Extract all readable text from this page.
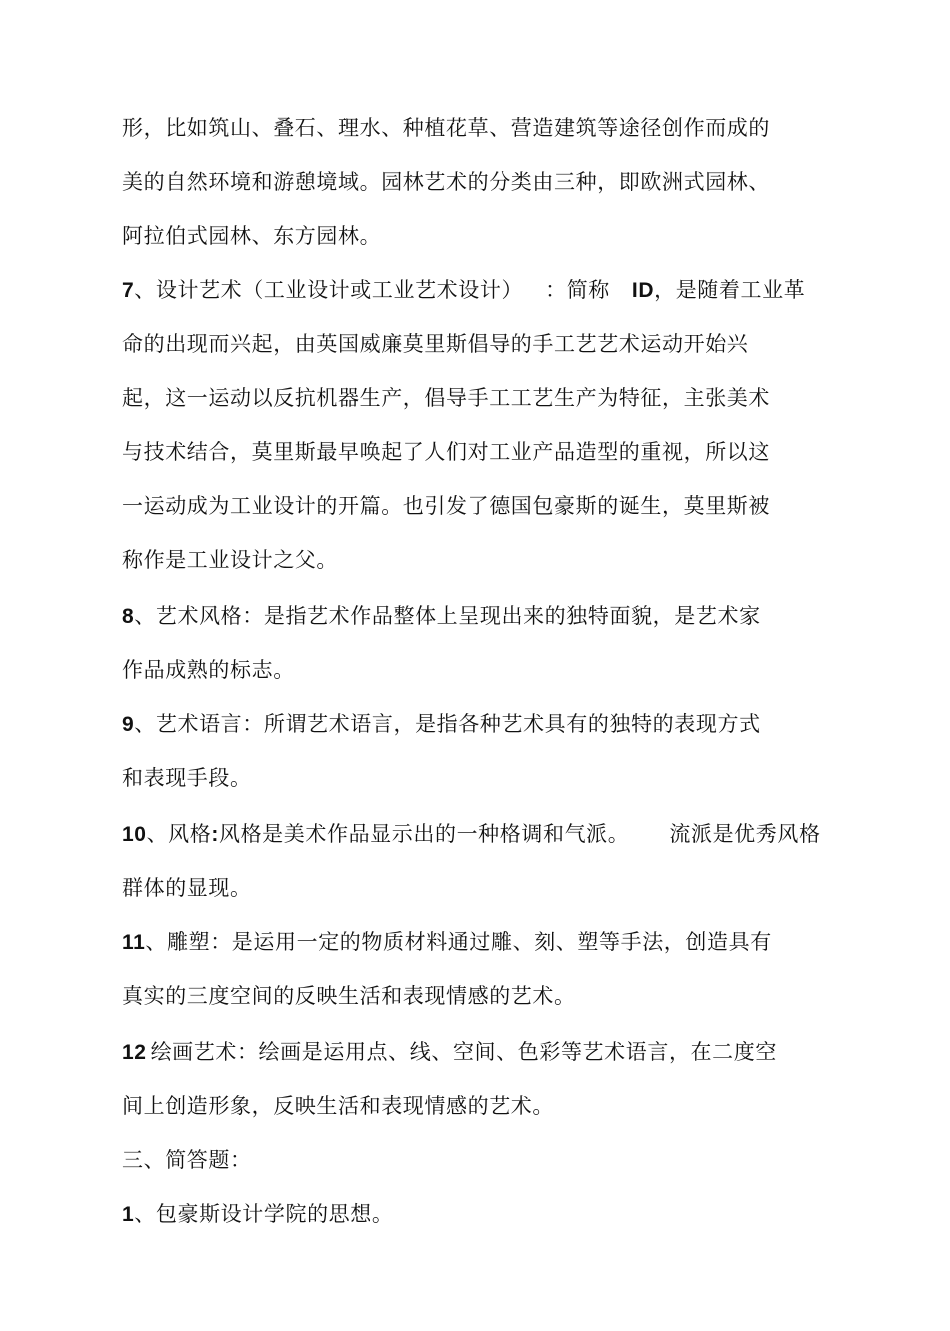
形，比如筑山、叠石、理水、种植花草、营造建筑等途径创作而成的
美的自然环境和游憩境域。园林艺术的分类由三种，即欧洲式园林、
阿拉伯式园林、东方园林。
7、设计艺术（工业设计或工业艺术设计） ：简称 ID，是随着工业革
命的出现而兴起，由英国威廉莫里斯倡导的手工艺艺术运动开始兴
起，这一运动以反抗机器生产，倡导手工工艺生产为特征，主张美术
与技术结合，莫里斯最早唤起了人们对工业产品造型的重视，所以这
一运动成为工业设计的开篇。也引发了德国包豪斯的诞生，莫里斯被
称作是工业设计之父。
8、艺术风格：是指艺术作品整体上呈现出来的独特面貌，是艺术家
作品成熟的标志。
9、艺术语言：所谓艺术语言，是指各种艺术具有的独特的表现方式
和表现手段。
10、风格:风格是美术作品显示出的一种格调和气派。 流派是优秀风格
群体的显现。
11、雕塑：是运用一定的物质材料通过雕、刻、塑等手法，创造具有
真实的三度空间的反映生活和表现情感的艺术。
12 绘画艺术：绘画是运用点、线、空间、色彩等艺术语言，在二度空
间上创造形象，反映生活和表现情感的艺术。
三、简答题：
1、包豪斯设计学院的思想。
